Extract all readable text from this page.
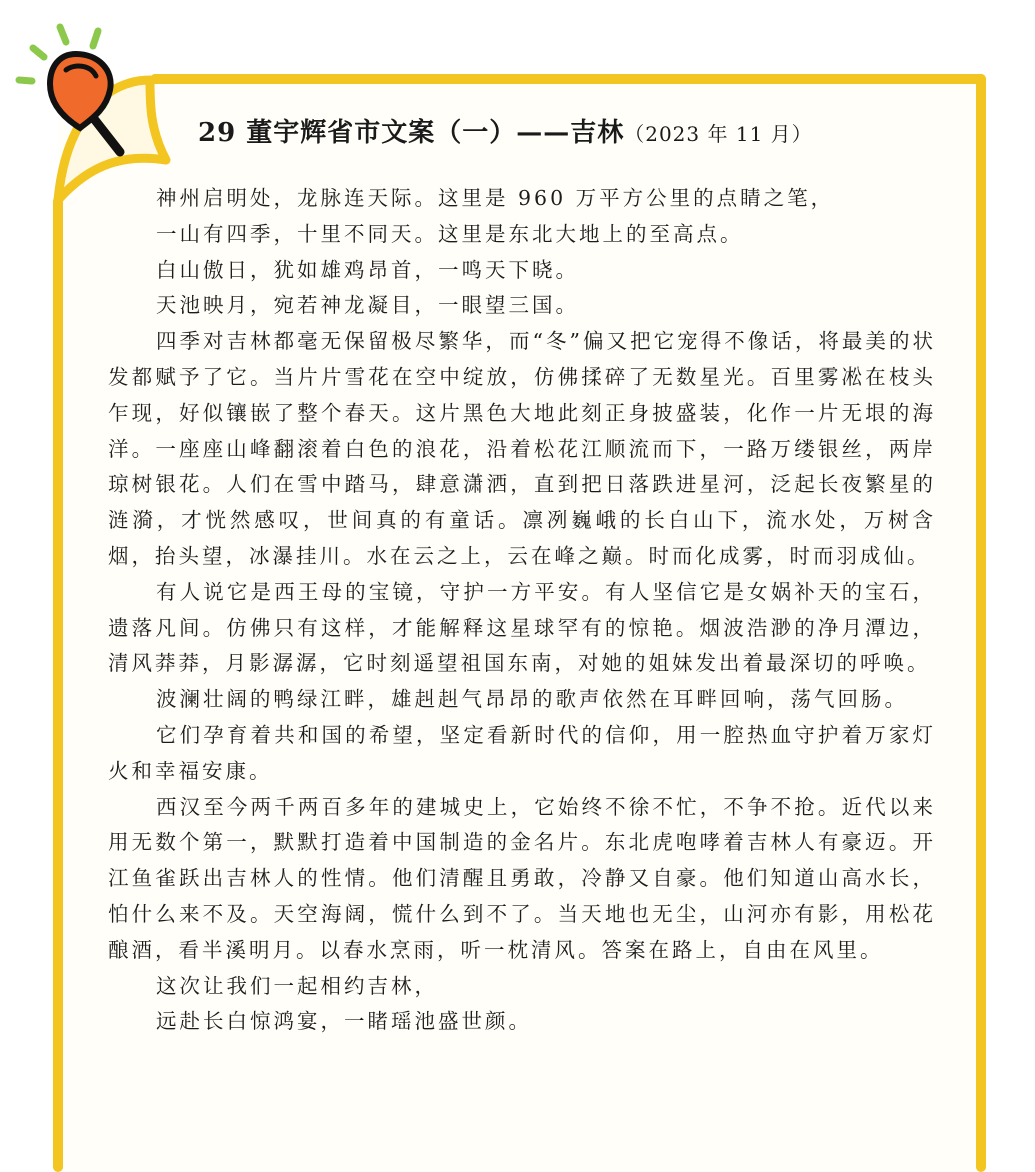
29 董宇辉省市文案（一）——吉林（2023 年 11 月）

神州启明处，龙脉连天际。这里是 960 万平方公里的点睛之笔，

一山有四季，十里不同天。这里是东北大地上的至高点。

白山傲日，犹如雄鸡昂首，一鸣天下晓。

天池映月，宛若神龙凝目，一眼望三国。

四季对吉林都毫无保留极尽繁华，而“冬”偏又把它宠得不像话，将最美的状发都赋予了它。当片片雪花在空中绽放，仿佛揉碎了无数星光。百里雾凇在枝头乍现，好似镶嵌了整个春天。这片黑色大地此刻正身披盛装，化作一片无垠的海洋。一座座山峰翻滚着白色的浪花，沿着松花江顺流而下，一路万缕银丝，两岸琼树银花。人们在雪中踏马，肆意潇洒，直到把日落跌进星河，泛起长夜繁星的涟漪，才恍然感叹，世间真的有童话。凛冽巍峨的长白山下，流水处，万树含烟，抬头望，冰瀑挂川。水在云之上，云在峰之巅。时而化成雾，时而羽成仙。

有人说它是西王母的宝镜，守护一方平安。有人坚信它是女娲补天的宝石，遗落凡间。仿佛只有这样，才能解释这星球罕有的惊艳。烟波浩渺的净月潭边，清风莽莽，月影潺潺，它时刻遥望祖国东南，对她的姐妹发出着最深切的呼唤。

波澜壮阔的鸭绿江畔，雄赳赳气昂昂的歌声依然在耳畔回响，荡气回肠。

它们孕育着共和国的希望，坚定看新时代的信仰，用一腔热血守护着万家灯火和幸福安康。

西汉至今两千两百多年的建城史上，它始终不徐不忙，不争不抢。近代以来用无数个第一，默默打造着中国制造的金名片。东北虎咆哮着吉林人有豪迈。开江鱼雀跃出吉林人的性情。他们清醒且勇敢，冷静又自豪。他们知道山高水长，怕什么来不及。天空海阔，慌什么到不了。当天地也无尘，山河亦有影，用松花酿酒，看半溪明月。以春水烹雨，听一枕清风。答案在路上，自由在风里。

这次让我们一起相约吉林，

远赴长白惊鸿宴，一睹瑶池盛世颜。
